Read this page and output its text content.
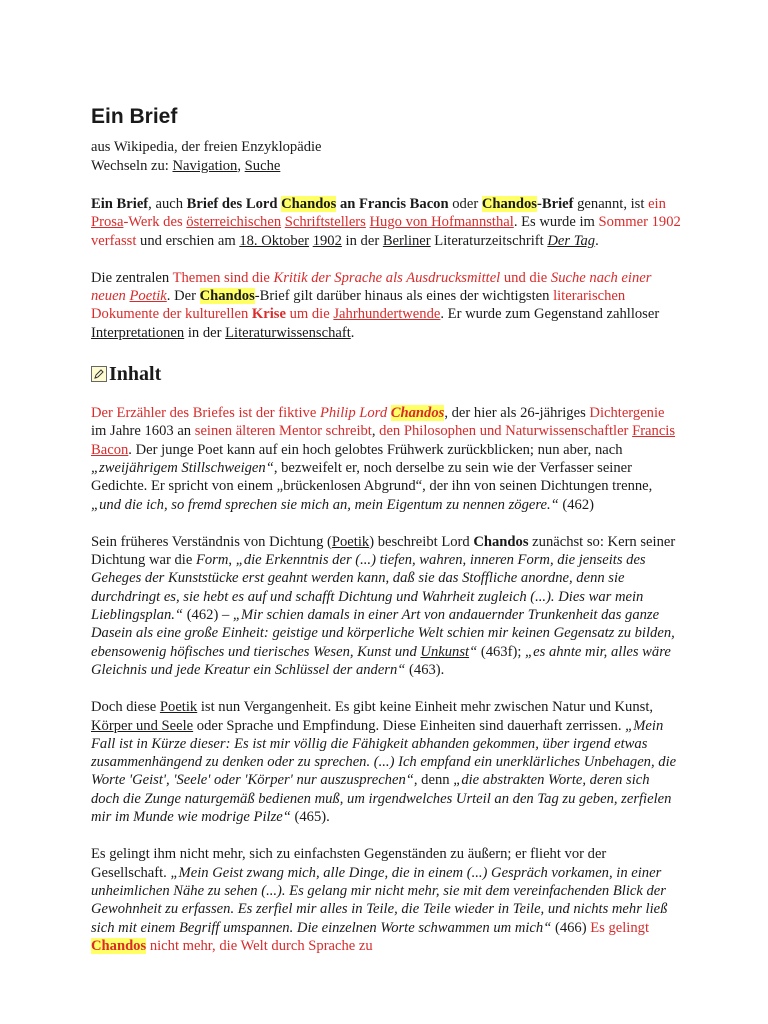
Ein Brief
aus Wikipedia, der freien Enzyklopädie
Wechseln zu: Navigation, Suche

Ein Brief, auch Brief des Lord Chandos an Francis Bacon oder Chandos-Brief genannt, ist ein Prosa-Werk des österreichischen Schriftstellers Hugo von Hofmannsthal. Es wurde im Sommer 1902 verfasst und erschien am 18. Oktober 1902 in der Berliner Literaturzeitschrift Der Tag.

Die zentralen Themen sind die Kritik der Sprache als Ausdrucksmittel und die Suche nach einer neuen Poetik. Der Chandos-Brief gilt darüber hinaus als eines der wichtigsten literarischen Dokumente der kulturellen Krise um die Jahrhundertwende. Er wurde zum Gegenstand zahlloser Interpretationen in der Literaturwissenschaft.

Inhalt

Der Erzähler des Briefes ist der fiktive Philip Lord Chandos, der hier als 26-jähriges Dichtergenie im Jahre 1603 an seinen älteren Mentor schreibt, den Philosophen und Naturwissenschaftler Francis Bacon. Der junge Poet kann auf ein hoch gelobtes Frühwerk zurückblicken; nun aber, nach „zweijährigem Stillschweigen“, bezweifelt er, noch derselbe zu sein wie der Verfasser seiner Gedichte. Er spricht von einem „brückenlosen Abgrund“, der ihn von seinen Dichtungen trenne, „und die ich, so fremd sprechen sie mich an, mein Eigentum zu nennen zögere.“ (462)

Sein früheres Verständnis von Dichtung (Poetik) beschreibt Lord Chandos zunächst so: Kern seiner Dichtung war die Form, „die Erkenntnis der (...) tiefen, wahren, inneren Form, die jenseits des Geheges der Kunststücke erst geahnt werden kann, daß sie das Stoffliche anordne, denn sie durchdringt es, sie hebt es auf und schafft Dichtung und Wahrheit zugleich (...). Dies war mein Lieblingsplan.“ (462) – „Mir schien damals in einer Art von andauernder Trunkenheit das ganze Dasein als eine große Einheit: geistige und körperliche Welt schien mir keinen Gegensatz zu bilden, ebensowenig höfisches und tierisches Wesen, Kunst und Unkunst“ (463f); „es ahnte mir, alles wäre Gleichnis und jede Kreatur ein Schlüssel der andern“ (463).

Doch diese Poetik ist nun Vergangenheit. Es gibt keine Einheit mehr zwischen Natur und Kunst, Körper und Seele oder Sprache und Empfindung. Diese Einheiten sind dauerhaft zerrissen. „Mein Fall ist in Kürze dieser: Es ist mir völlig die Fähigkeit abhanden gekommen, über irgend etwas zusammenhängend zu denken oder zu sprechen. (...) Ich empfand ein unerklärliches Unbehagen, die Worte 'Geist', 'Seele' oder 'Körper' nur auszusprechen“, denn „die abstrakten Worte, deren sich doch die Zunge naturgemäß bedienen muß, um irgendwelches Urteil an den Tag zu geben, zerfielen mir im Munde wie modrige Pilze“ (465).

Es gelingt ihm nicht mehr, sich zu einfachsten Gegenständen zu äußern; er flieht vor der Gesellschaft. „Mein Geist zwang mich, alle Dinge, die in einem (...) Gespräch vorkamen, in einer unheimlichen Nähe zu sehen (...). Es gelang mir nicht mehr, sie mit dem vereinfachenden Blick der Gewohnheit zu erfassen. Es zerfiel mir alles in Teile, die Teile wieder in Teile, und nichts mehr ließ sich mit einem Begriff umspannen. Die einzelnen Worte schwammen um mich“ (466) Es gelingt Chandos nicht mehr, die Welt durch Sprache zu
